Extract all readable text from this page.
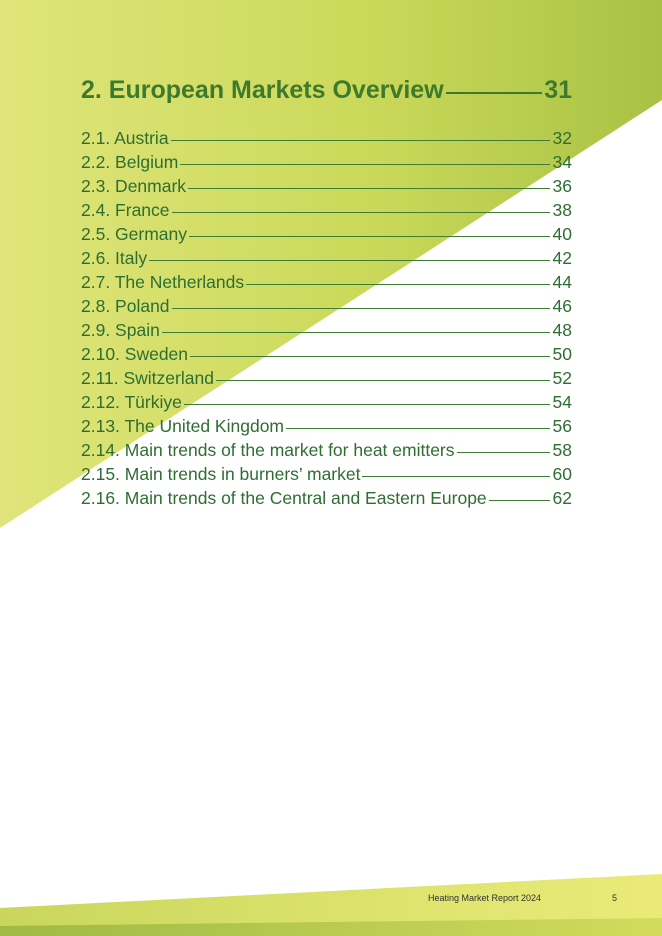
2. European Markets Overview	31
2.1. Austria	32
2.2. Belgium	34
2.3. Denmark	36
2.4. France	38
2.5. Germany	40
2.6. Italy	42
2.7. The Netherlands	44
2.8. Poland	46
2.9. Spain	48
2.10. Sweden	50
2.11. Switzerland	52
2.12. Türkiye	54
2.13. The United Kingdom	56
2.14. Main trends of the market for heat emitters	58
2.15. Main trends in burners’ market	60
2.16. Main trends of the Central and Eastern Europe	62
Heating Market Report 2024	5
